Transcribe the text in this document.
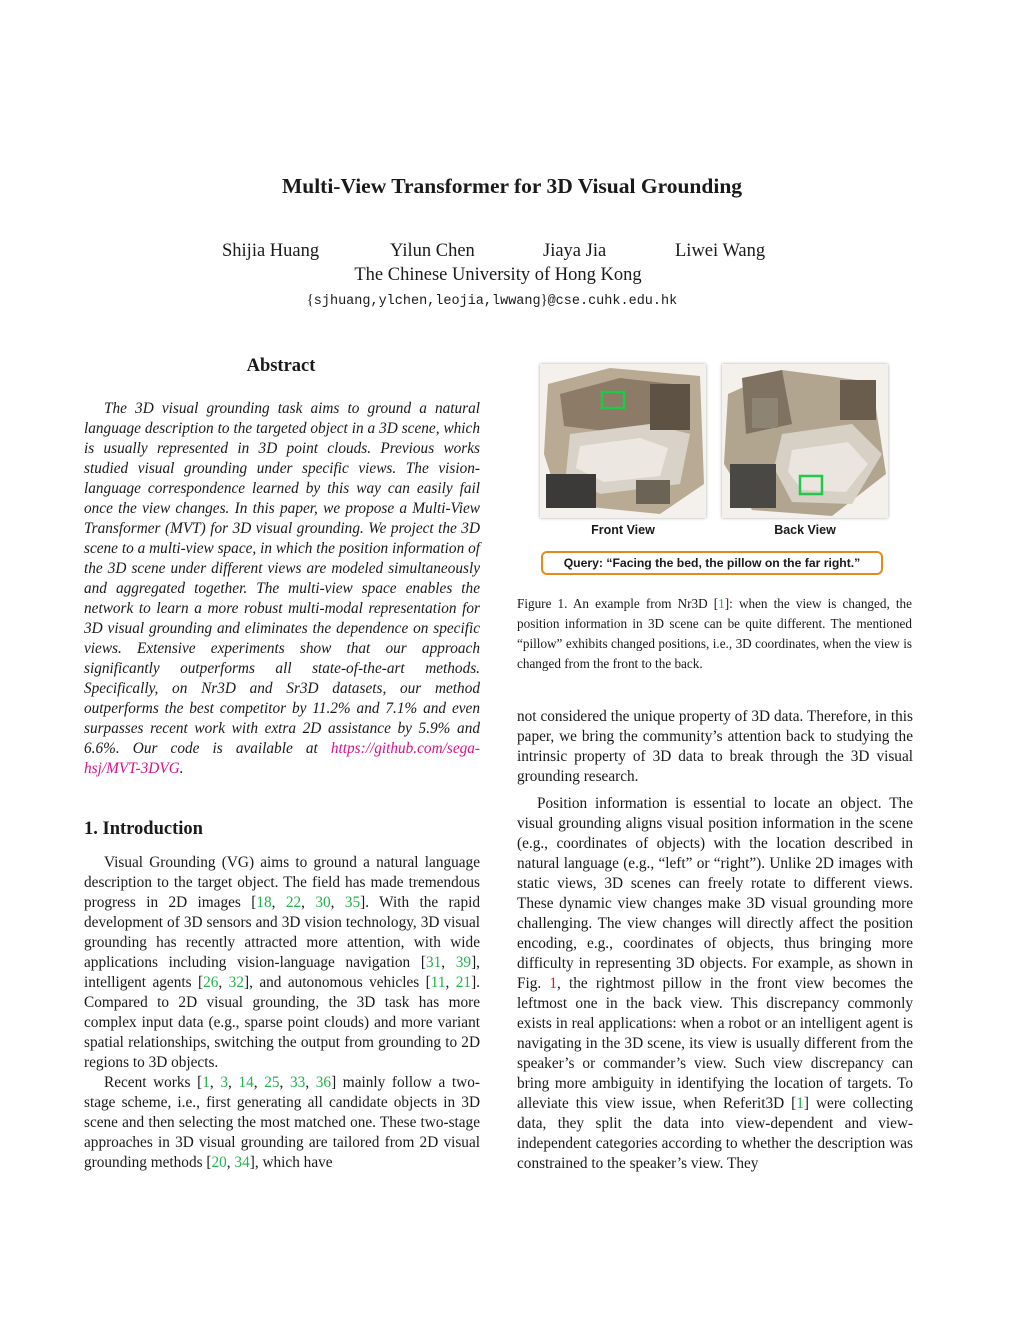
Multi-View Transformer for 3D Visual Grounding
Shijia Huang	Yilun Chen	Jiaya Jia	Liwei Wang
The Chinese University of Hong Kong
{sjhuang,ylchen,leojia,lwwang}@cse.cuhk.edu.hk
Abstract

The 3D visual grounding task aims to ground a natural language description to the targeted object in a 3D scene, which is usually represented in 3D point clouds. Previous works studied visual grounding under specific views. The vision-language correspondence learned by this way can easily fail once the view changes. In this paper, we propose a Multi-View Transformer (MVT) for 3D visual grounding. We project the 3D scene to a multi-view space, in which the position information of the 3D scene under different views are modeled simultaneously and aggregated together. The multi-view space enables the network to learn a more robust multi-modal representation for 3D visual grounding and eliminates the dependence on specific views. Extensive experiments show that our approach significantly outperforms all state-of-the-art methods. Specifically, on Nr3D and Sr3D datasets, our method outperforms the best competitor by 11.2% and 7.1% and even surpasses recent work with extra 2D assistance by 5.9% and 6.6%. Our code is available at https://github.com/sega-hsj/MVT-3DVG.

1. Introduction

Visual Grounding (VG) aims to ground a natural language description to the target object. The field has made tremendous progress in 2D images [18, 22, 30, 35]. With the rapid development of 3D sensors and 3D vision technology, 3D visual grounding has recently attracted more attention, with wide applications including vision-language navigation [31, 39], intelligent agents [26, 32], and autonomous vehicles [11, 21]. Compared to 2D visual grounding, the 3D task has more complex input data (e.g., sparse point clouds) and more variant spatial relationships, switching the output from grounding to 2D regions to 3D objects.

Recent works [1, 3, 14, 25, 33, 36] mainly follow a two-stage scheme, i.e., first generating all candidate objects in 3D scene and then selecting the most matched one. These two-stage approaches in 3D visual grounding are tailored from 2D visual grounding methods [20, 34], which have

Front View	Back View
Query: “Facing the bed, the pillow on the far right.”
Figure 1. An example from Nr3D [1]: when the view is changed, the position information in 3D scene can be quite different. The mentioned “pillow” exhibits changed positions, i.e., 3D coordinates, when the view is changed from the front to the back.

not considered the unique property of 3D data. Therefore, in this paper, we bring the community’s attention back to studying the intrinsic property of 3D data to break through the 3D visual grounding research.

Position information is essential to locate an object. The visual grounding aligns visual position information in the scene (e.g., coordinates of objects) with the location described in natural language (e.g., “left” or “right”). Unlike 2D images with static views, 3D scenes can freely rotate to different views. These dynamic view changes make 3D visual grounding more challenging. The view changes will directly affect the position encoding, e.g., coordinates of objects, thus bringing more difficulty in representing 3D objects. For example, as shown in Fig. 1, the rightmost pillow in the front view becomes the leftmost one in the back view. This discrepancy commonly exists in real applications: when a robot or an intelligent agent is navigating in the 3D scene, its view is usually different from the speaker’s or commander’s view. Such view discrepancy can bring more ambiguity in identifying the location of targets. To alleviate this view issue, when Referit3D [1] were collecting data, they split the data into view-dependent and view-independent categories according to whether the description was constrained to the speaker’s view. They
